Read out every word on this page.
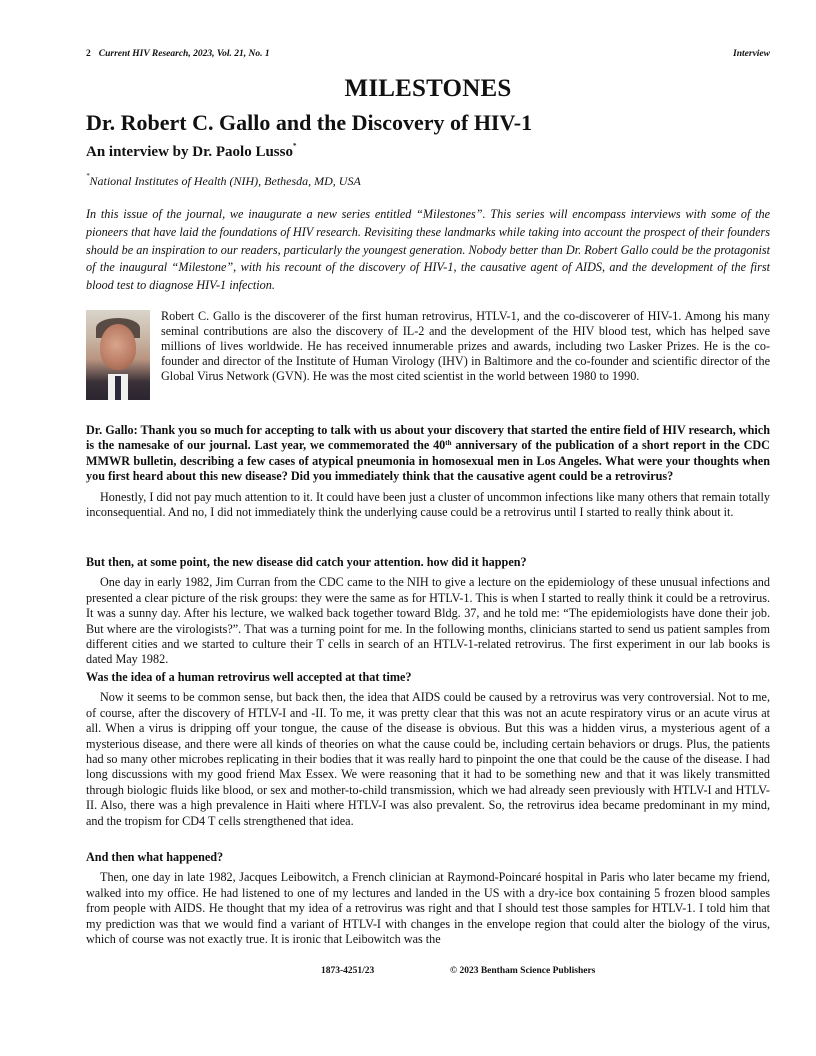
2 Current HIV Research, 2023, Vol. 21, No. 1	Interview
MILESTONES
Dr. Robert C. Gallo and the Discovery of HIV-1
An interview by Dr. Paolo Lusso*
*National Institutes of Health (NIH), Bethesda, MD, USA
In this issue of the journal, we inaugurate a new series entitled “Milestones”. This series will encompass interviews with some of the pioneers that have laid the foundations of HIV research. Revisiting these landmarks while taking into account the prospect of their founders should be an inspiration to our readers, particularly the youngest generation. Nobody better than Dr. Robert Gallo could be the protagonist of the inaugural “Milestone”, with his recount of the discovery of HIV-1, the causative agent of AIDS, and the development of the first blood test to diagnose HIV-1 infection.
Robert C. Gallo is the discoverer of the first human retrovirus, HTLV-1, and the co-discoverer of HIV-1. Among his many seminal contributions are also the discovery of IL-2 and the development of the HIV blood test, which has helped save millions of lives worldwide. He has received innumerable prizes and awards, including two Lasker Prizes. He is the co-founder and director of the Institute of Human Virology (IHV) in Baltimore and the co-founder and scientific director of the Global Virus Network (GVN). He was the most cited scientist in the world between 1980 to 1990.
Dr. Gallo: Thank you so much for accepting to talk with us about your discovery that started the entire field of HIV research, which is the namesake of our journal. Last year, we commemorated the 40th anniversary of the publication of a short report in the CDC MMWR bulletin, describing a few cases of atypical pneumonia in homosexual men in Los Angeles. What were your thoughts when you first heard about this new disease? Did you immediately think that the causative agent could be a retrovirus?
Honestly, I did not pay much attention to it. It could have been just a cluster of uncommon infections like many others that remain totally inconsequential. And no, I did not immediately think the underlying cause could be a retrovirus until I started to really think about it.
But then, at some point, the new disease did catch your attention. how did it happen?
One day in early 1982, Jim Curran from the CDC came to the NIH to give a lecture on the epidemiology of these unusual infections and presented a clear picture of the risk groups: they were the same as for HTLV-1. This is when I started to really think it could be a retrovirus. It was a sunny day. After his lecture, we walked back together toward Bldg. 37, and he told me: “The epidemiologists have done their job. But where are the virologists?”. That was a turning point for me. In the following months, clinicians started to send us patient samples from different cities and we started to culture their T cells in search of an HTLV-1-related retrovirus. The first experiment in our lab books is dated May 1982.
Was the idea of a human retrovirus well accepted at that time?
Now it seems to be common sense, but back then, the idea that AIDS could be caused by a retrovirus was very controversial. Not to me, of course, after the discovery of HTLV-I and -II. To me, it was pretty clear that this was not an acute respiratory virus or an acute virus at all. When a virus is dripping off your tongue, the cause of the disease is obvious. But this was a hidden virus, a mysterious agent of a mysterious disease, and there were all kinds of theories on what the cause could be, including certain behaviors or drugs. Plus, the patients had so many other microbes replicating in their bodies that it was really hard to pinpoint the one that could be the cause of the disease. I had long discussions with my good friend Max Essex. We were reasoning that it had to be something new and that it was likely transmitted through biologic fluids like blood, or sex and mother-to-child transmission, which we had already seen previously with HTLV-I and HTLV-II. Also, there was a high prevalence in Haiti where HTLV-I was also prevalent. So, the retrovirus idea became predominant in my mind, and the tropism for CD4 T cells strengthened that idea.
And then what happened?
Then, one day in late 1982, Jacques Leibowitch, a French clinician at Raymond-Poincaré hospital in Paris who later became my friend, walked into my office. He had listened to one of my lectures and landed in the US with a dry-ice box containing 5 frozen blood samples from people with AIDS. He thought that my idea of a retrovirus was right and that I should test those samples for HTLV-1. I told him that my prediction was that we would find a variant of HTLV-I with changes in the envelope region that could alter the biology of the virus, which of course was not exactly true. It is ironic that Leibowitch was the
1873-4251/23	© 2023 Bentham Science Publishers
